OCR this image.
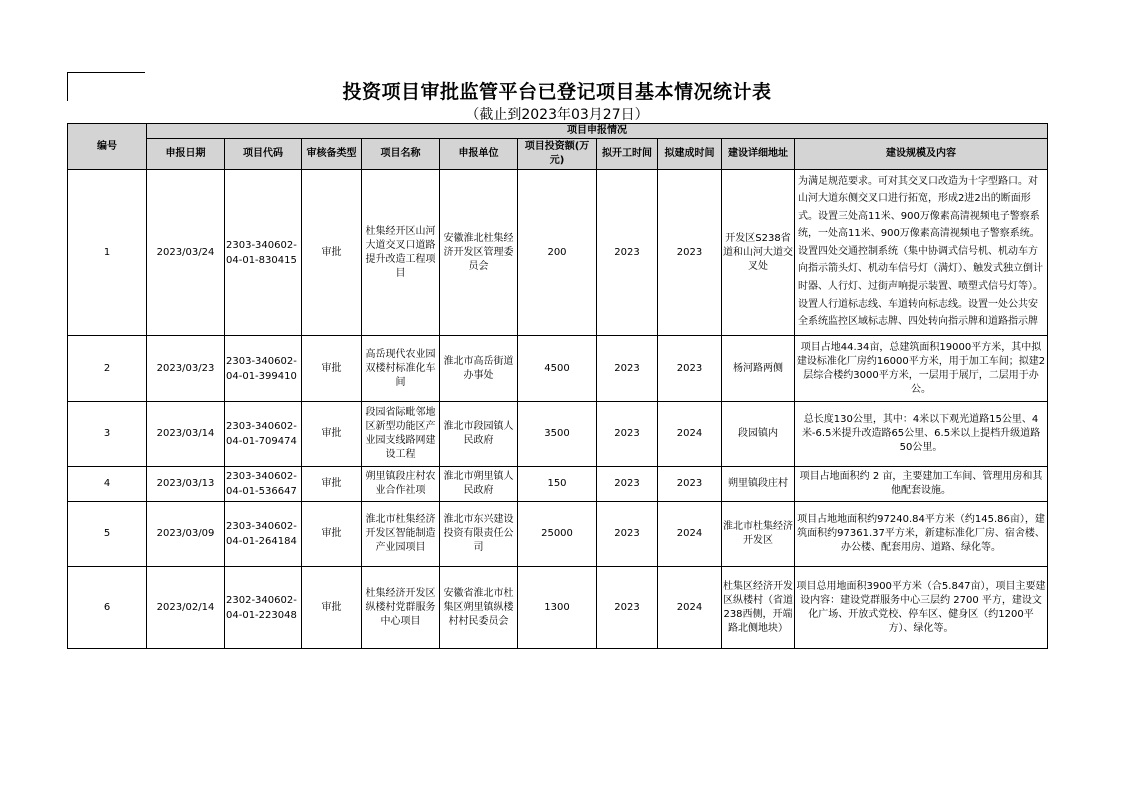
投资项目审批监管平台已登记项目基本情况统计表
（截止到2023年03月27日）
编号	项目申报情况									
	申报日期	项目代码	审核备类型	项目名称	申报单位	项目投资额(万元)	拟开工时间	拟建成时间	建设详细地址	建设规模及内容
1	2023/03/24	2303-340602-04-01-830415	审批	杜集经开区山河大道交叉口道路提升改造工程项目	安徽淮北杜集经济开发区管理委员会	200	2023	2023	开发区S238省道和山河大道交叉处	为满足规范要求。可对其交叉口改造为十字型路口。对山河大道东侧交叉口进行拓宽，形成2进2出的断面形式。设置三处高11米、900万像素高清视频电子警察系统，一处高11米、900万像素高清视频电子警察系统。设置四处交通控制系统（集中协调式信号机、机动车方向指示箭头灯、机动车信号灯（满灯）、触发式独立倒计时器、人行灯、过街声响提示装置、喷塑式信号灯等）。设置人行道标志线、车道转向标志线。设置一处公共安全系统监控区域标志牌、四处转向指示牌和道路指示牌

2	2023/03/23	2303-340602-04-01-399410	审批	高岳现代农业园双楼村标准化车间	淮北市高岳街道办事处	4500	2023	2023	杨河路两侧	项目占地44.34亩，总建筑面积19000平方米，其中拟建设标准化厂房约16000平方米，用于加工车间；拟建2层综合楼约3000平方米，一层用于展厅，二层用于办公。
3	2023/03/14	2303-340602-04-01-709474	审批	段园省际毗邻地区新型功能区产业园支线路网建设工程	淮北市段园镇人民政府	3500	2023	2024	段园镇内	总长度130公里，其中：4米以下观光道路15公里、4米-6.5米提升改造路65公里、6.5米以上提档升级道路50公里。
4	2023/03/13	2303-340602-04-01-536647	审批	朔里镇段庄村农业合作社项	淮北市朔里镇人民政府	150	2023	2023	朔里镇段庄村	项目占地面积约 2 亩，主要建加工车间、管理用房和其他配套设施。
5	2023/03/09	2303-340602-04-01-264184	审批	淮北市杜集经济开发区智能制造产业园项目	淮北市东兴建设投资有限责任公司	25000	2023	2024	淮北市杜集经济开发区	项目占地地面积约97240.84平方米（约145.86亩），建筑面积约97361.37平方米，新建标准化厂房、宿舍楼、办公楼、配套用房、道路、绿化等。
6	2023/02/14	2302-340602-04-01-223048	审批	杜集经济开发区纵楼村党群服务中心项目	安徽省淮北市杜集区朔里镇纵楼村村民委员会	1300	2023	2024	杜集区经济开发区纵楼村（省道238西侧，开端路北侧地块）	项目总用地面积3900平方米（合5.847亩），项目主要建设内容：建设党群服务中心三层约 2700 平方，建设文化广场、开放式党校、停车区、健身区（约1200平方）、绿化等。
